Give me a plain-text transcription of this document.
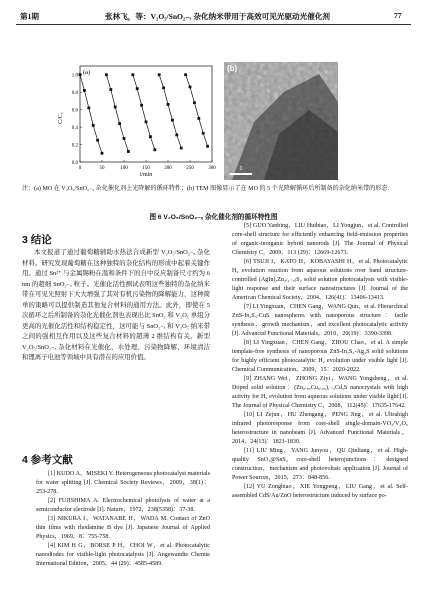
第1期	张林飞，等：V₂O₅/SnO₂₋ₓ 杂化纳米带用于高效可见光驱动光催化剂	77
(a)
C/C₀
1.0
0.8
0.6
0.4
0.2
0.0
0	50	100	150	200	250	300
t/min
1
(b)
注：(a) MO 在 V₂O₅/SnO₂₋ₓ 杂化催化剂上光降解的循环特性；(b) TEM 图像显示了在 MO 的 5 个光降解循环后所制备的杂化纳米带的形态.
图 6 V₂O₅/SnO₂₋ₓ 杂化催化剂的循环特性图
3 结论

本文报道了通过葡萄糖辅助水热法合成新型 V₂O₅/SnO₂₋ₓ 杂化材料。研究发现葡萄糖在这种独特的杂化结构的形成中起着关键作用。通过 Sn²⁺ 与金属锡粉在温和条件下的自中反应制备尺寸约为 6 nm 的超细 SnO₂₋ₓ 粒子。光催化活性测试表明这些独特的杂化纳米带在可见光照射下大大增强了其对有机污染物的降解能力，这种简单的策略可以提供制造其他复合材料的通用方法。此外，即使在 5 次循环之后所制备的杂化光催化剂也表现出比 SnO₂ 和 V₂O₅ 单组分更高的光催化活性和结构稳定性，这可能与 SnO₂₋ₓ 和 V₂O₅ 纳米带之间的强相互作用以及这些复合材料的超薄 2 维结构有关。新型 V₂O₅/SnO₂₋ₓ 杂化材料在光催化、水处理、污染物降解、环境清洁和锂离子电池等领域中具有潜在的应用价值。

4 参考文献

[1] KUDO A，MISEKI Y. Heterogeneous photocatalyst materials for water splitting [J]. Chemical Society Reviews，2009，38(1)：253-278.

[2] FUJISHIMA A. Electrochemical photolysis of water at a semiconductor electrode [J]. Nature，1972，238(5358)：37-38.

[3] NIKURA I，WATANABE H，WADA M. Contact of ZnO thin films with rhodamine B dye [J]. Japanese Journal of Applied Physics，1969，8：755-758.

[4] KIM H G，BORSE P H，CHOI W，et al. Photocatalytic nanodiodes for visible-light photocatalysis [J]. Angewandte Chemie International Edition，2005，44 (29)：4585-4589.

[5] GUO Yanbing，LIU Huibiao，LI Yongjun，et al. Controlled core-shell structure for efficiently enhancing field-emission properties of organic-inorganic hybrid nanorods [J]. The Journal of Physical Chemistry C，2009，113 (29)：12669-12673.

[6] TSUJI I，KATO H，KOBAYASHI H，et al. Photocatalytic H₂ evolution reaction from aqueous solutions over band structure-controlled (AgIn)ₓZn₂₍₁₋ₓ₎S₂ solid solution photocatalysts with visible-light response and their surface nanostructures [J]. Journal of the American Chemical Society，2004，126(41)：13406-13413.

[7] LI Yingxuan，CHEN Gang，WANG Qun，et al. Hierarchical ZnS-In₂S₃-CuS nanospheres with nanoporous structure：facile synthesis，growth mechanism，and excellent photocatalytic activity [J]. Advanced Functional Materials，2010，20(19)：3390-3398.

[8] LI Yingxuan，CHEN Gang，ZHOU Chao，et al. A simple template-free synthesis of nanoporous ZnS-In₂S₃-Ag₂S solid solutions for highly efficient photocatalytic H₂ evolution under visible light [J]. Chemical Communication，2009，15：2020-2022.

[9] ZHANG Wei，ZHONG Ziyi，WANG Yongsheng，et al. Doped solid solution：(Zn₀.₉₅Cu₀.₀₅)₁₋ₓCdₓS nanocrystals with high activity for H₂ evolution from aqueous solutions under visible light [J]. The Journal of Physical Chemistry C，2008，112(45)：17635-17642.

[10] LI Zejun，HU Zhengang，PENG Jing，et al. Ultrahigh infrared photoresponse from core-shell single-domain-VO₂/V₂O₅ heterostructure in nanobeam [J]. Advanced Functional Materials，2014，24(13)：1821-1830.

[11] LIU Ming，YANG Junyou，QU Qinliang，et al. High-quality SnO₂@SnS₂ core-shell heterojunctions：designed construction，mechanism and photovoltaic application [J]. Journal of Power Sources，2015，273：848-856.

[12] YU Zongbiao，XIE Yongpeng，LIU Gang，et al. Self-assembled CdS/Au/ZnO heterostructure induced by surface po-
